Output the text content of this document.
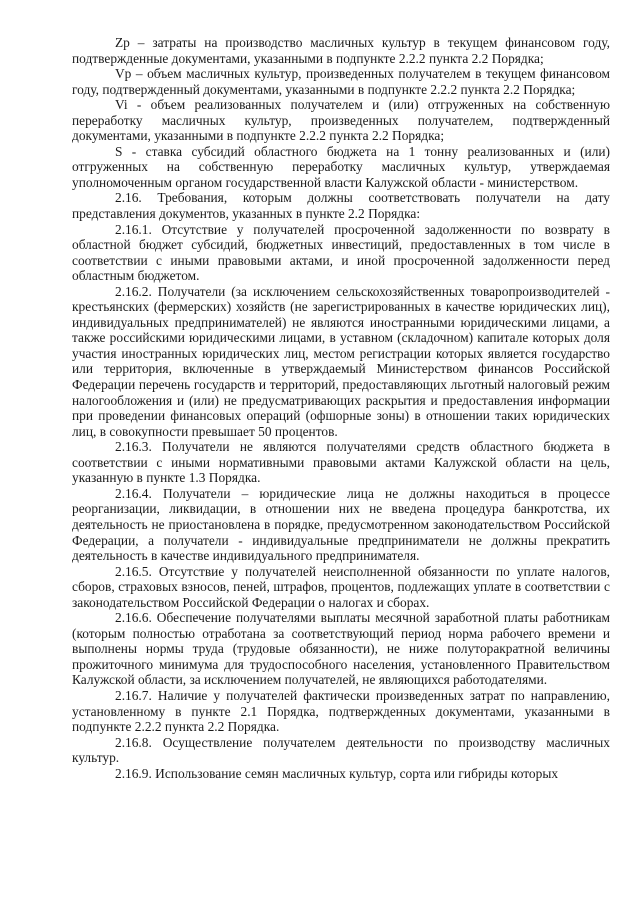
Zp – затраты на производство масличных культур в текущем финансовом году, подтвержденные документами, указанными в подпункте 2.2.2 пункта 2.2 Порядка;

Vp – объем масличных культур, произведенных получателем в текущем финансовом году, подтвержденный документами, указанными в подпункте 2.2.2 пункта 2.2 Порядка;

Vi - объем реализованных получателем и (или) отгруженных на собственную переработку масличных культур, произведенных получателем, подтвержденный документами, указанными в подпункте 2.2.2 пункта 2.2 Порядка;

S - ставка субсидий областного бюджета на 1 тонну реализованных и (или) отгруженных на собственную переработку масличных культур, утверждаемая уполномоченным органом государственной власти Калужской области - министерством.

2.16. Требования, которым должны соответствовать получатели на дату представления документов, указанных в пункте 2.2 Порядка:

2.16.1. Отсутствие у получателей просроченной задолженности по возврату в областной бюджет субсидий, бюджетных инвестиций, предоставленных в том числе в соответствии с иными правовыми актами, и иной просроченной задолженности перед областным бюджетом.

2.16.2. Получатели (за исключением сельскохозяйственных товаропроизводителей - крестьянских (фермерских) хозяйств (не зарегистрированных в качестве юридических лиц), индивидуальных предпринимателей) не являются иностранными юридическими лицами, а также российскими юридическими лицами, в уставном (складочном) капитале которых доля участия иностранных юридических лиц, местом регистрации которых является государство или территория, включенные в утверждаемый Министерством финансов Российской Федерации перечень государств и территорий, предоставляющих льготный налоговый режим налогообложения и (или) не предусматривающих раскрытия и предоставления информации при проведении финансовых операций (офшорные зоны) в отношении таких юридических лиц, в совокупности превышает 50 процентов.

2.16.3. Получатели не являются получателями средств областного бюджета в соответствии с иными нормативными правовыми актами Калужской области на цель, указанную в пункте 1.3 Порядка.

2.16.4. Получатели – юридические лица не должны находиться в процессе реорганизации, ликвидации, в отношении них не введена процедура банкротства, их деятельность не приостановлена в порядке, предусмотренном законодательством Российской Федерации, а получатели - индивидуальные предприниматели не должны прекратить деятельность в качестве индивидуального предпринимателя.

2.16.5. Отсутствие у получателей неисполненной обязанности по уплате налогов, сборов, страховых взносов, пеней, штрафов, процентов, подлежащих уплате в соответствии с законодательством Российской Федерации о налогах и сборах.

2.16.6. Обеспечение получателями выплаты месячной заработной платы работникам (которым полностью отработана за соответствующий период норма рабочего времени и выполнены нормы труда (трудовые обязанности), не ниже полуторакратной величины прожиточного минимума для трудоспособного населения, установленного Правительством Калужской области, за исключением получателей, не являющихся работодателями.

2.16.7. Наличие у получателей фактически произведенных затрат по направлению, установленному в пункте 2.1 Порядка, подтвержденных документами, указанными в подпункте 2.2.2 пункта 2.2 Порядка.

2.16.8. Осуществление получателем деятельности по производству масличных культур.

2.16.9. Использование семян масличных культур, сорта или гибриды которых
